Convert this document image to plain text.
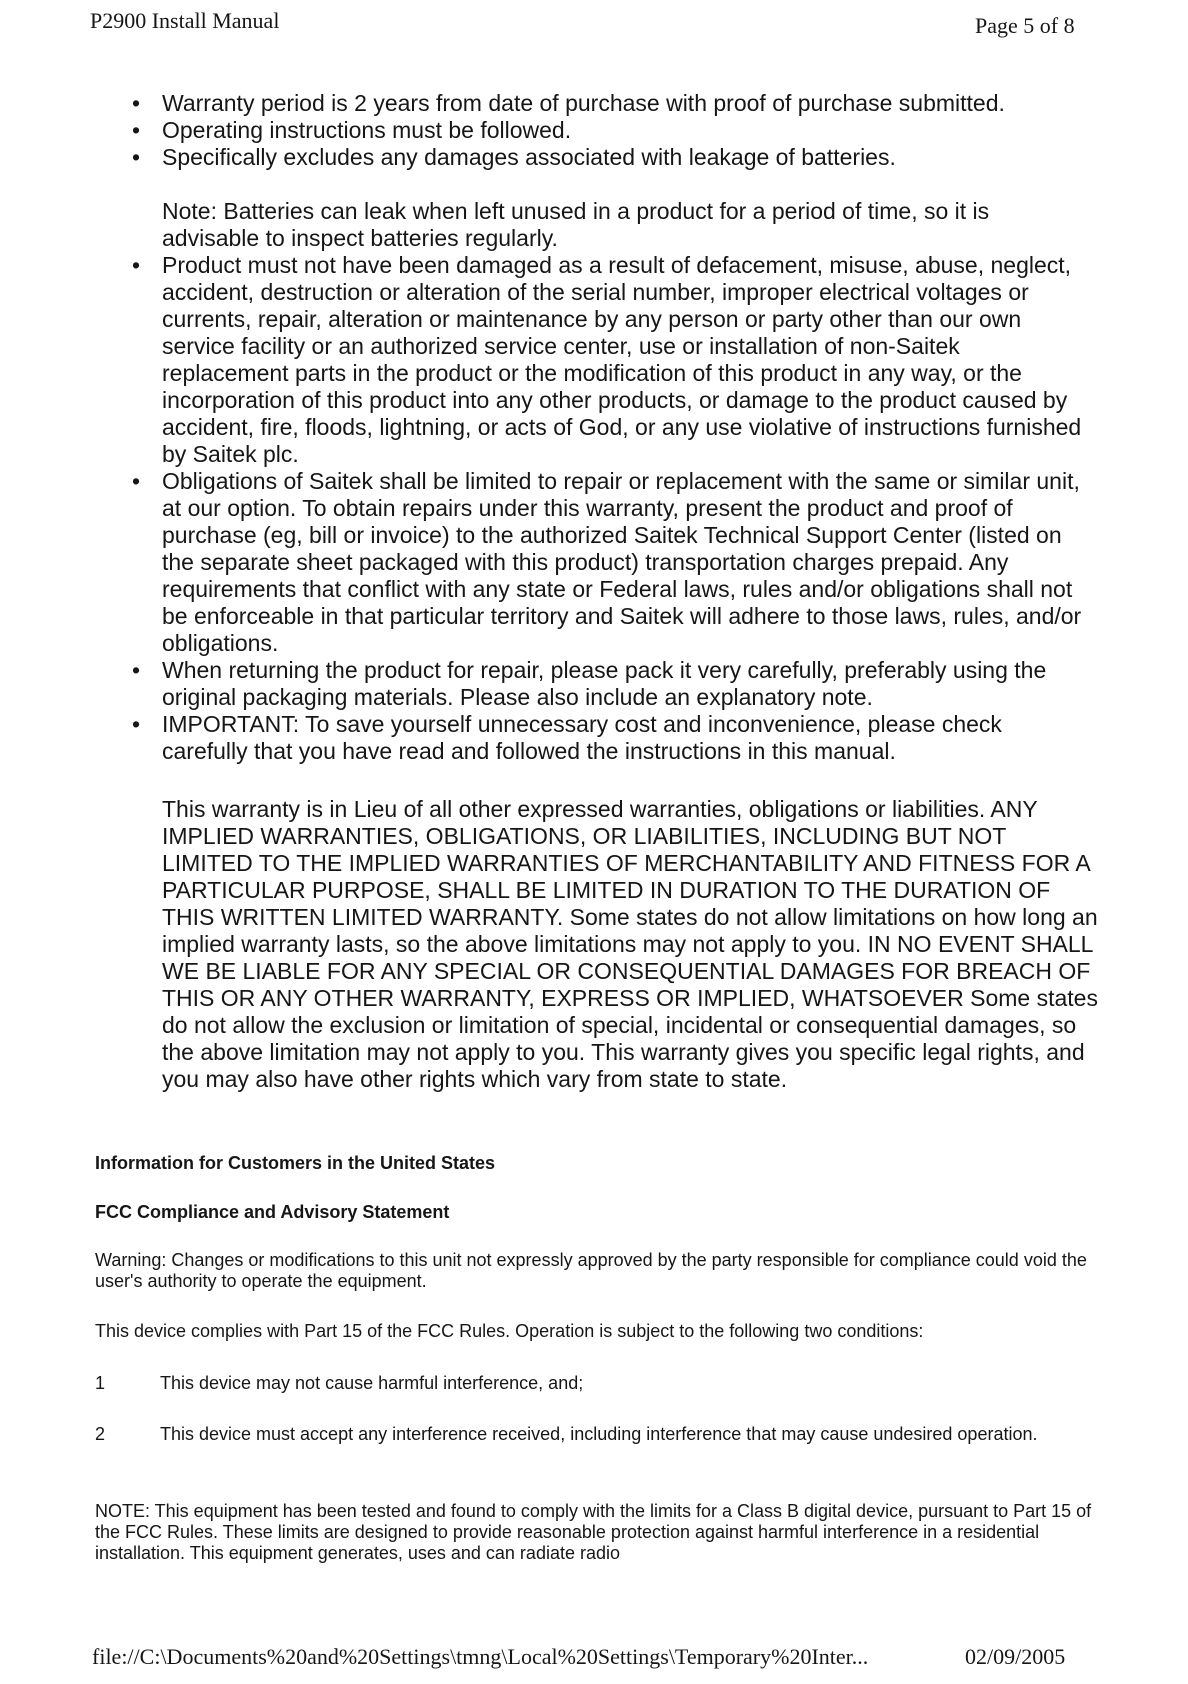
P2900 Install Manual	Page 5 of 8
• Warranty period is 2 years from date of purchase with proof of purchase submitted.
• Operating instructions must be followed.
• Specifically excludes any damages associated with leakage of batteries.
Note: Batteries can leak when left unused in a product for a period of time, so it is advisable to inspect batteries regularly.
• Product must not have been damaged as a result of defacement, misuse, abuse, neglect, accident, destruction or alteration of the serial number, improper electrical voltages or currents, repair, alteration or maintenance by any person or party other than our own service facility or an authorized service center, use or installation of non-Saitek replacement parts in the product or the modification of this product in any way, or the incorporation of this product into any other products, or damage to the product caused by accident, fire, floods, lightning, or acts of God, or any use violative of instructions furnished by Saitek plc.
• Obligations of Saitek shall be limited to repair or replacement with the same or similar unit, at our option. To obtain repairs under this warranty, present the product and proof of purchase (eg, bill or invoice) to the authorized Saitek Technical Support Center (listed on the separate sheet packaged with this product) transportation charges prepaid. Any requirements that conflict with any state or Federal laws, rules and/or obligations shall not be enforceable in that particular territory and Saitek will adhere to those laws, rules, and/or obligations.
• When returning the product for repair, please pack it very carefully, preferably using the original packaging materials. Please also include an explanatory note.
• IMPORTANT: To save yourself unnecessary cost and inconvenience, please check carefully that you have read and followed the instructions in this manual.

This warranty is in Lieu of all other expressed warranties, obligations or liabilities. ANY IMPLIED WARRANTIES, OBLIGATIONS, OR LIABILITIES, INCLUDING BUT NOT LIMITED TO THE IMPLIED WARRANTIES OF MERCHANTABILITY AND FITNESS FOR A PARTICULAR PURPOSE, SHALL BE LIMITED IN DURATION TO THE DURATION OF THIS WRITTEN LIMITED WARRANTY. Some states do not allow limitations on how long an implied warranty lasts, so the above limitations may not apply to you. IN NO EVENT SHALL WE BE LIABLE FOR ANY SPECIAL OR CONSEQUENTIAL DAMAGES FOR BREACH OF THIS OR ANY OTHER WARRANTY, EXPRESS OR IMPLIED, WHATSOEVER Some states do not allow the exclusion or limitation of special, incidental or consequential damages, so the above limitation may not apply to you. This warranty gives you specific legal rights, and you may also have other rights which vary from state to state.

Information for Customers in the United States

FCC Compliance and Advisory Statement

Warning: Changes or modifications to this unit not expressly approved by the party responsible for compliance could void the user's authority to operate the equipment.

This device complies with Part 15 of the FCC Rules. Operation is subject to the following two conditions:

1	This device may not cause harmful interference, and;

2	This device must accept any interference received, including interference that may cause undesired operation.

NOTE: This equipment has been tested and found to comply with the limits for a Class B digital device, pursuant to Part 15 of the FCC Rules. These limits are designed to provide reasonable protection against harmful interference in a residential installation. This equipment generates, uses and can radiate radio

file://C:\Documents%20and%20Settings\tmng\Local%20Settings\Temporary%20Inter...	02/09/2005
